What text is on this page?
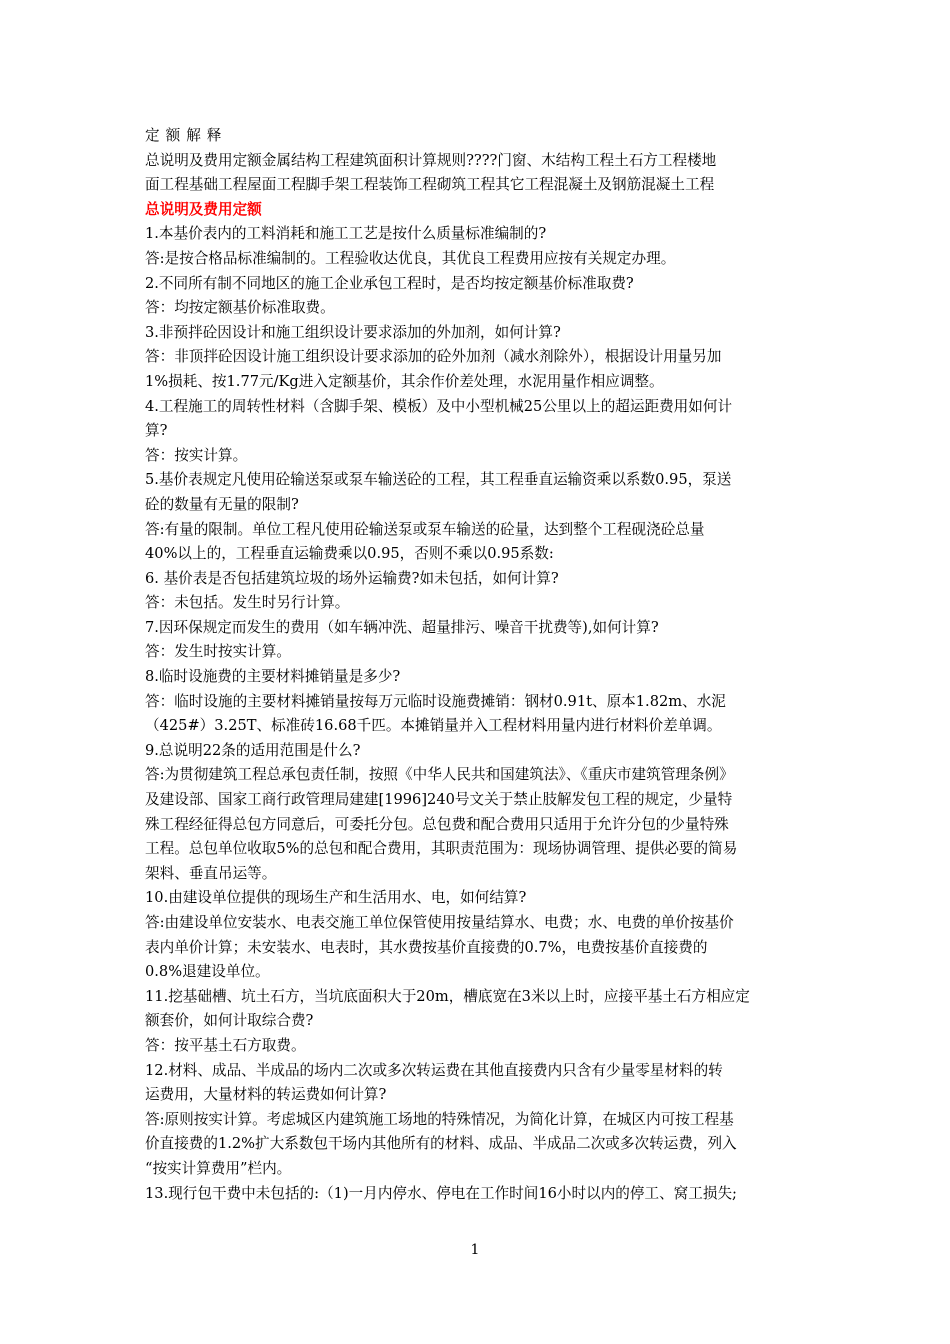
定额解释
总说明及费用定额金属结构工程建筑面积计算规则????门窗、木结构工程土石方工程楼地
面工程基础工程屋面工程脚手架工程装饰工程砌筑工程其它工程混凝土及钢筋混凝土工程
总说明及费用定额
1.本基价表内的工料消耗和施工工艺是按什么质量标准编制的?
答:是按合格品标准编制的。工程验收达优良，其优良工程费用应按有关规定办理。
2.不同所有制不同地区的施工企业承包工程时，是否均按定额基价标准取费?
答：均按定额基价标准取费。
3.非预拌砼因设计和施工组织设计要求添加的外加剂，如何计算?
答：非顶拌砼因设计施工组织设计要求添加的砼外加剂（减水剂除外），根据设计用量另加
1%损耗、按1.77元/Kg进入定额基价，其余作价差处理，水泥用量作相应调整。
4.工程施工的周转性材料（含脚手架、模板）及中小型机械25公里以上的超运距费用如何计
算?
答：按实计算。
5.基价表规定凡使用砼输送泵或泵车输送砼的工程，其工程垂直运输资乘以系数0.95，泵送
砼的数量有无量的限制?
答:有量的限制。单位工程凡使用砼输送泵或泵车输送的砼量，达到整个工程砚浇砼总量
40%以上的，工程垂直运输费乘以0.95，否则不乘以0.95系数:
6. 基价表是否包括建筑垃圾的场外运输费?如未包括，如何计算?
答：未包括。发生时另行计算。
7.因环保规定而发生的费用（如车辆冲洗、超量排污、噪音干扰费等),如何计算?
答：发生时按实计算。
8.临时设施费的主要材料摊销量是多少?
答：临时设施的主要材料摊销量按每万元临时设施费摊销：钢材0.91t、原本1.82m、水泥
（425#）3.25T、标准砖16.68千匹。本摊销量并入工程材料用量内进行材料价差单调。
9.总说明22条的适用范围是什么?
答:为贯彻建筑工程总承包责任制，按照《中华人民共和国建筑法》、《重庆市建筑管理条例》
及建设部、国家工商行政管理局建建[1996]240号文关于禁止肢解发包工程的规定，少量特
殊工程经征得总包方同意后，可委托分包。总包费和配合费用只适用于允许分包的少量特殊
工程。总包单位收取5%的总包和配合费用，其职责范围为：现场协调管理、提供必要的简易
架料、垂直吊运等。
10.由建设单位提供的现场生产和生活用水、电，如何结算?
答:由建设单位安装水、电表交施工单位保管使用按量结算水、电费；水、电费的单价按基价
表内单价计算；未安装水、电表时，其水费按基价直接费的0.7%，电费按基价直接费的
0.8%退建设单位。
11.挖基础槽、坑土石方，当坑底面积大于20m，槽底宽在3米以上时，应接平基土石方相应定
额套价，如何计取综合费?
答：按平基土石方取费。
12.材料、成品、半成品的场内二次或多次转运费在其他直接费内只含有少量零星材料的转
运费用，大量材料的转运费如何计算?
答:原则按实计算。考虑城区内建筑施工场地的特殊情况，为简化计算，在城区内可按工程基
价直接费的1.2%扩大系数包干场内其他所有的材料、成品、半成品二次或多次转运费，列入
“按实计算费用”栏内。
13.现行包干费中未包括的:（1)一月内停水、停电在工作时间16小时以内的停工、窝工损失;
1
